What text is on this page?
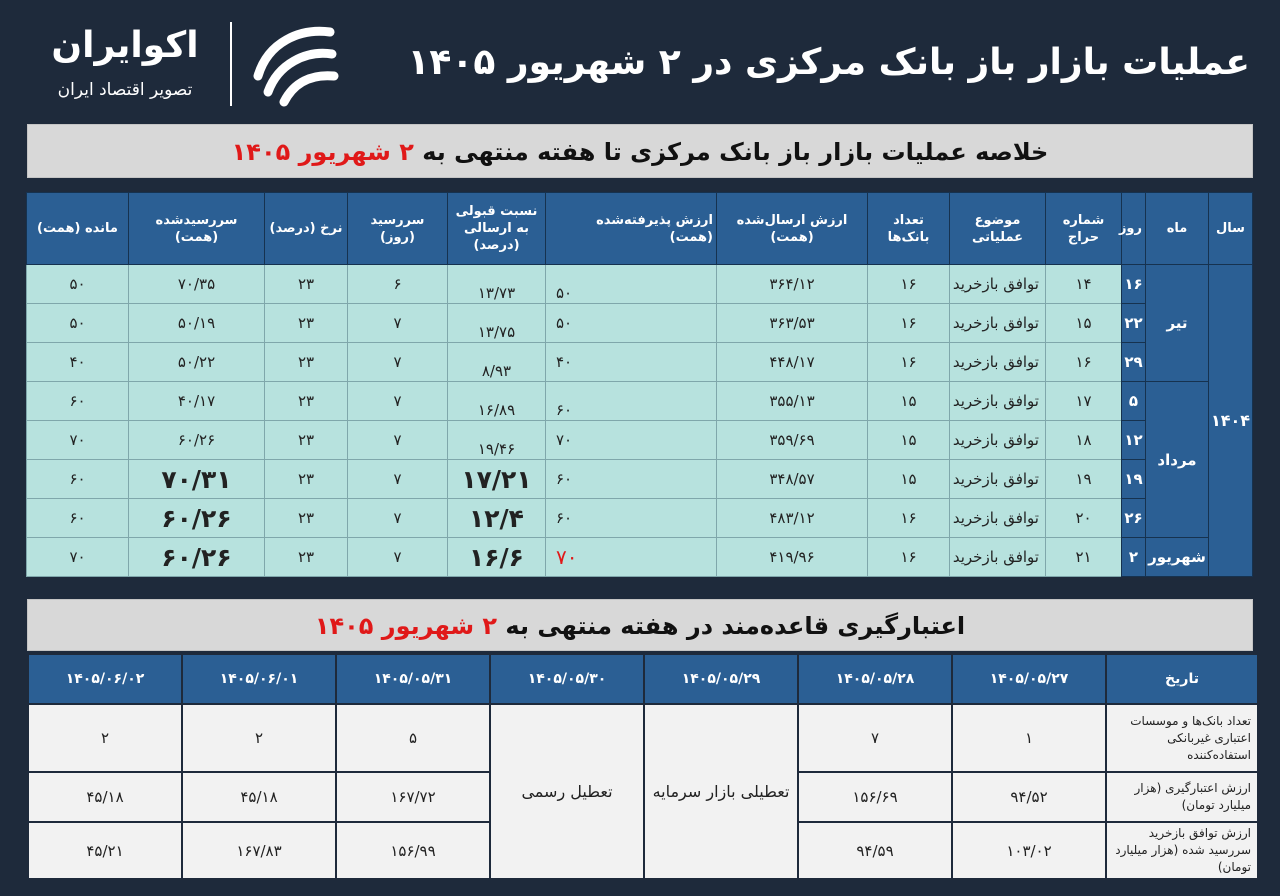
عملیات بازار باز بانک مرکزی در ۲ شهریور ۱۴۰۵
اکوایران
تصویر اقتصاد ایران
خلاصه عملیات بازار باز بانک مرکزی تا هفته منتهی به ۲ شهریور ۱۴۰۵
سال	ماه	روز	شماره حراج	موضوع عملیاتی	تعداد بانک‌ها	ارزش ارسال‌شده (همت)	ارزش پذیرفته‌شده (همت)	نسبت قبولی به ارسالی (درصد)	سررسید (روز)	نرخ (درصد)	سررسیدشده (همت)	مانده (همت)
۱۴۰۴	تیر	۱۶	۱۴	توافق بازخرید	۱۶	۳۶۴/۱۲	۵۰	۱۳/۷۳	۶	۲۳	۷۰/۳۵	۵۰
		۲۲	۱۵	توافق بازخرید	۱۶	۳۶۳/۵۳	۵۰	۱۳/۷۵	۷	۲۳	۵۰/۱۹	۵۰
		۲۹	۱۶	توافق بازخرید	۱۶	۴۴۸/۱۷	۴۰	۸/۹۳	۷	۲۳	۵۰/۲۲	۴۰
	مرداد	۵	۱۷	توافق بازخرید	۱۵	۳۵۵/۱۳	۶۰	۱۶/۸۹	۷	۲۳	۴۰/۱۷	۶۰
		۱۲	۱۸	توافق بازخرید	۱۵	۳۵۹/۶۹	۷۰	۱۹/۴۶	۷	۲۳	۶۰/۲۶	۷۰
		۱۹	۱۹	توافق بازخرید	۱۵	۳۴۸/۵۷	۶۰	۱۷/۲۱	۷	۲۳	۷۰/۳۱	۶۰
		۲۶	۲۰	توافق بازخرید	۱۶	۴۸۳/۱۲	۶۰	۱۲/۴	۷	۲۳	۶۰/۲۶	۶۰
	شهریور	۲	۲۱	توافق بازخرید	۱۶	۴۱۹/۹۶	۷۰	۱۶/۶	۷	۲۳	۶۰/۲۶	۷۰
اعتبارگیری قاعده‌مند در هفته منتهی به ۲ شهریور ۱۴۰۵
تاریخ	۱۴۰۵/۰۵/۲۷	۱۴۰۵/۰۵/۲۸	۱۴۰۵/۰۵/۲۹	۱۴۰۵/۰۵/۳۰	۱۴۰۵/۰۵/۳۱	۱۴۰۵/۰۶/۰۱	۱۴۰۵/۰۶/۰۲
تعداد بانک‌ها و موسسات اعتباری غیربانکی استفاده‌کننده	۱	۷	تعطیلی بازار سرمایه	تعطیل رسمی	۵	۲	۲
ارزش اعتبارگیری (هزار میلیارد تومان)	۹۴/۵۲	۱۵۶/۶۹			۱۶۷/۷۲	۴۵/۱۸	۴۵/۱۸
ارزش توافق بازخرید سررسید شده (هزار میلیارد تومان)	۱۰۳/۰۲	۹۴/۵۹			۱۵۶/۹۹	۱۶۷/۸۳	۴۵/۲۱
